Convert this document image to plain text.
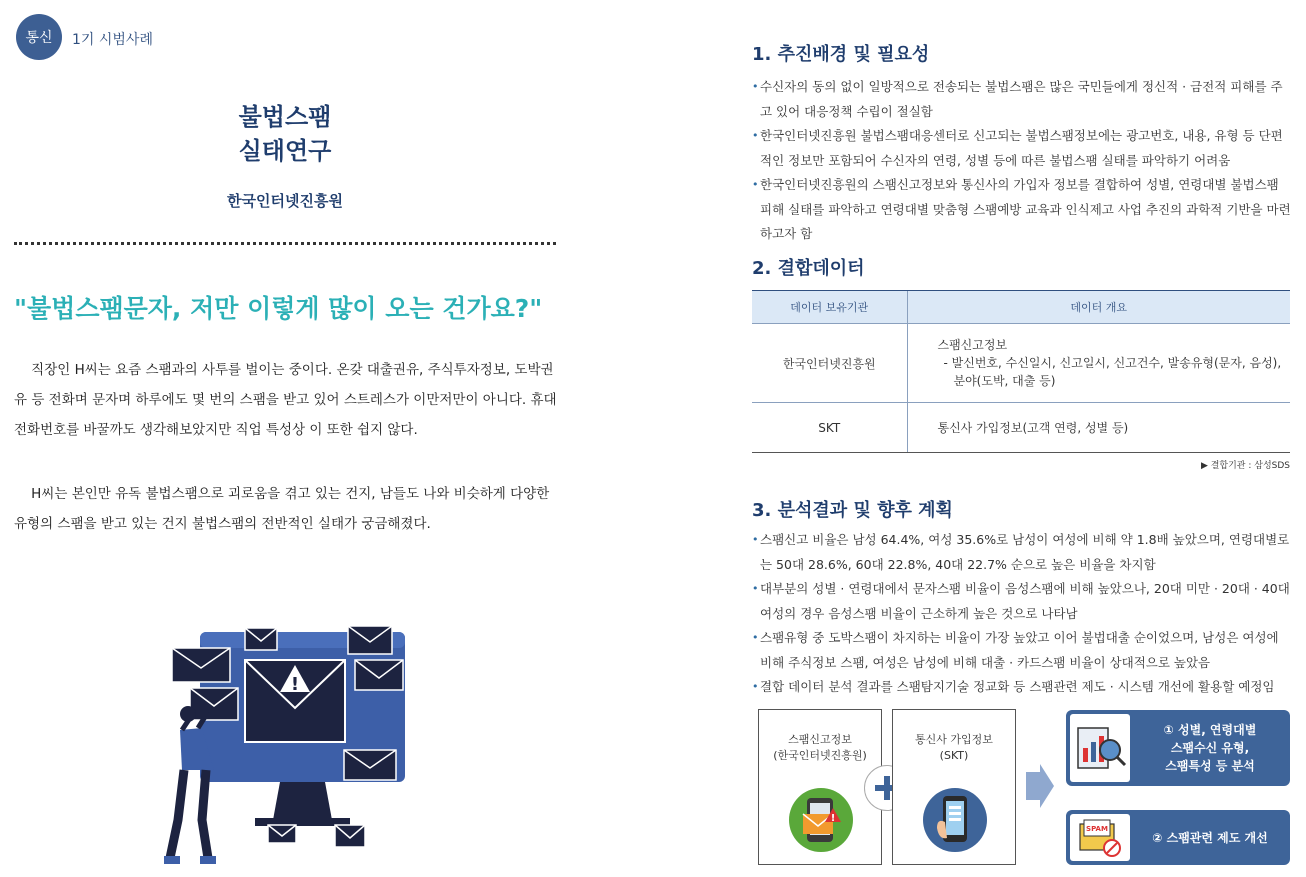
통신	1기 시범사례
불법스팸
실태연구
한국인터넷진흥원
"불법스팸문자, 저만 이렇게 많이 오는 건가요?"

직장인 H씨는 요즘 스팸과의 사투를 벌이는 중이다. 온갖 대출권유, 주식투자정보, 도박권유 등 전화며 문자며 하루에도 몇 번의 스팸을 받고 있어 스트레스가 이만저만이 아니다. 휴대 전화번호를 바꿀까도 생각해보았지만 직업 특성상 이 또한 쉽지 않다.

H씨는 본인만 유독 불법스팸으로 괴로움을 겪고 있는 건지, 남들도 나와 비슷하게 다양한 유형의 스팸을 받고 있는 건지 불법스팸의 전반적인 실태가 궁금해졌다.

!
1. 추진배경 및 필요성
• 수신자의 동의 없이 일방적으로 전송되는 불법스팸은 많은 국민들에게 정신적 · 금전적 피해를 주고 있어 대응정책 수립이 절실함
• 한국인터넷진흥원 불법스팸대응센터로 신고되는 불법스팸정보에는 광고번호, 내용, 유형 등 단편적인 정보만 포함되어 수신자의 연령, 성별 등에 따른 불법스팸 실태를 파악하기 어려움
• 한국인터넷진흥원의 스팸신고정보와 통신사의 가입자 정보를 결합하여 성별, 연령대별 불법스팸 피해 실태를 파악하고 연령대별 맞춤형 스팸예방 교육과 인식제고 사업 추진의 과학적 기반을 마련하고자 함
2. 결합데이터
데이터 보유기관	데이터 개요
한국인터넷진흥원	스팸신고정보
- 발신번호, 수신일시, 신고일시, 신고건수, 발송유형(문자, 음성),
분야(도박, 대출 등)

SKT	통신사 가입정보(고객 연령, 성별 등)
▶ 결합기관 : 삼성SDS
3. 분석결과 및 향후 계획
• 스팸신고 비율은 남성 64.4%, 여성 35.6%로 남성이 여성에 비해 약 1.8배 높았으며, 연령대별로는 50대 28.6%, 60대 22.8%, 40대 22.7% 순으로 높은 비율을 차지함
• 대부분의 성별 · 연령대에서 문자스팸 비율이 음성스팸에 비해 높았으나, 20대 미만 · 20대 · 40대 여성의 경우 음성스팸 비율이 근소하게 높은 것으로 나타남
• 스팸유형 중 도박스팸이 차지하는 비율이 가장 높았고 이어 불법대출 순이었으며, 남성은 여성에 비해 주식정보 스팸, 여성은 남성에 비해 대출 · 카드스팸 비율이 상대적으로 높았음
• 결합 데이터 분석 결과를 스팸탐지기술 정교화 등 스팸관련 제도 · 시스템 개선에 활용할 예정임
스팸신고정보
(한국인터넷진흥원)
!
통신사 가입정보
(SKT)
① 성별, 연령대별
스팸수신 유형,
스팸특성 등 분석
SPAM
② 스팸관련 제도 개선
